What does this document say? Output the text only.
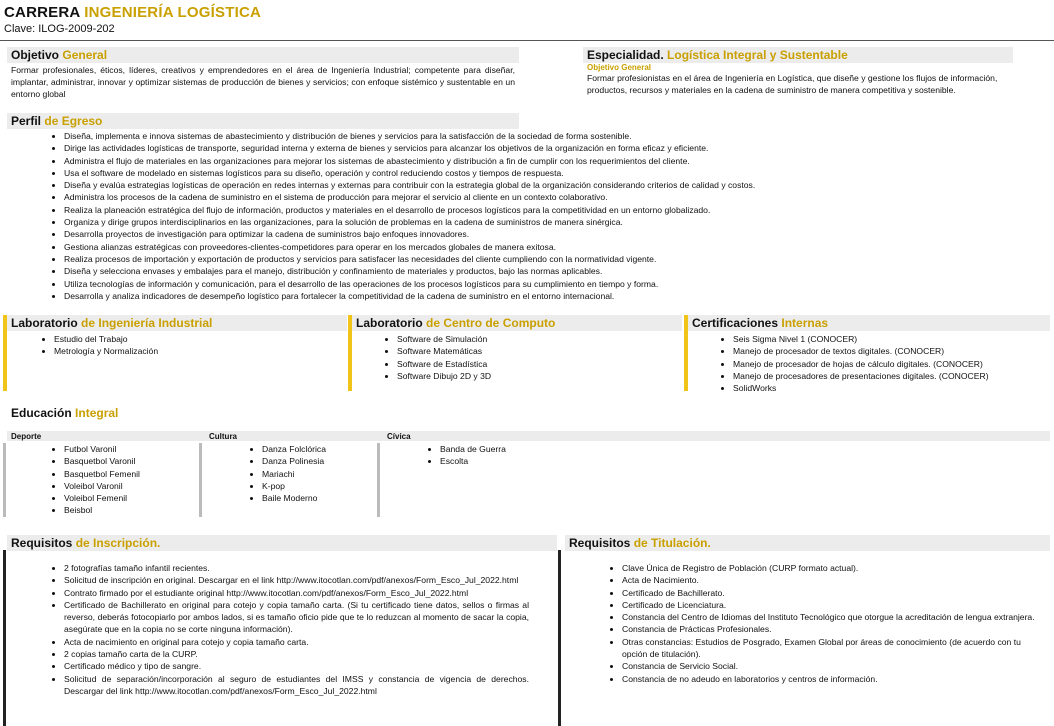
CARRERA INGENIERÍA LOGÍSTICA
Clave: ILOG-2009-202
Objetivo General
Formar profesionales, éticos, líderes, creativos y emprendedores en el área de Ingeniería Industrial; competente para diseñar, implantar, administrar, innovar y optimizar sistemas de producción de bienes y servicios; con enfoque sistémico y sustentable en un entorno global
Especialidad. Logística Integral y Sustentable
Objetivo General
Formar profesionistas en el área de Ingeniería en Logística, que diseñe y gestione los flujos de información, productos, recursos y materiales en la cadena de suministro de manera competitiva y sostenible.
Perfil de Egreso
• Diseña, implementa e innova sistemas de abastecimiento y distribución de bienes y servicios para la satisfacción de la sociedad de forma sostenible.
• Dirige las actividades logísticas de transporte, seguridad interna y externa de bienes y servicios para alcanzar los objetivos de la organización en forma eficaz y eficiente.
• Administra el flujo de materiales en las organizaciones para mejorar los sistemas de abastecimiento y distribución a fin de cumplir con los requerimientos del cliente.
• Usa el software de modelado en sistemas logísticos para su diseño, operación y control reduciendo costos y tiempos de respuesta.
• Diseña y evalúa estrategias logísticas de operación en redes internas y externas para contribuir con la estrategia global de la organización considerando criterios de calidad y costos.
• Administra los procesos de la cadena de suministro en el sistema de producción para mejorar el servicio al cliente en un contexto colaborativo.
• Realiza la planeación estratégica del flujo de información, productos y materiales en el desarrollo de procesos logísticos para la competitividad en un entorno globalizado.
• Organiza y dirige grupos interdisciplinarios en las organizaciones, para la solución de problemas en la cadena de suministros de manera sinérgica.
• Desarrolla proyectos de investigación para optimizar la cadena de suministros bajo enfoques innovadores.
• Gestiona alianzas estratégicas con proveedores-clientes-competidores para operar en los mercados globales de manera exitosa.
• Realiza procesos de importación y exportación de productos y servicios para satisfacer las necesidades del cliente cumpliendo con la normatividad vigente.
• Diseña y selecciona envases y embalajes para el manejo, distribución y confinamiento de materiales y productos, bajo las normas aplicables.
• Utiliza tecnologías de información y comunicación, para el desarrollo de las operaciones de los procesos logísticos para su cumplimiento en tiempo y forma.
• Desarrolla y analiza indicadores de desempeño logístico para fortalecer la competitividad de la cadena de suministro en el entorno internacional.
Laboratorio de Ingeniería Industrial
• Estudio del Trabajo
• Metrología y Normalización
Laboratorio de Centro de Computo
• Software de Simulación
• Software Matemáticas
• Software de Estadística
• Software Dibujo 2D y 3D
Certificaciones Internas
• Seis Sigma Nivel 1 (CONOCER)
• Manejo de procesador de textos digitales. (CONOCER)
• Manejo de procesador de hojas de cálculo digitales. (CONOCER)
• Manejo de procesadores de presentaciones digitales. (CONOCER)
• SolidWorks
Educación Integral
Deporte	Cultura	Cívica
• Futbol Varonil
• Basquetbol Varonil
• Basquetbol Femenil
• Voleibol Varonil
• Voleibol Femenil
• Beisbol
• Danza Folclórica
• Danza Polinesia
• Mariachi
• K-pop
• Baile Moderno
• Banda de Guerra
• Escolta
Requisitos de Inscripción.
• 2 fotografías tamaño infantil recientes.
• Solicitud de inscripción en original. Descargar en el link http://www.itocotlan.com/pdf/anexos/Form_Esco_Jul_2022.html
• Contrato firmado por el estudiante original http://www.itocotlan.com/pdf/anexos/Form_Esco_Jul_2022.html
• Certificado de Bachillerato en original para cotejo y copia tamaño carta. (Si tu certificado tiene datos, sellos o firmas al reverso, deberás fotocopiarlo por ambos lados, si es tamaño oficio pide que te lo reduzcan al momento de sacar la copia, asegúrate que en la copia no se corte ninguna información).
• Acta de nacimiento en original para cotejo y copia tamaño carta.
• 2 copias tamaño carta de la CURP.
• Certificado médico y tipo de sangre.
• Solicitud de separación/incorporación al seguro de estudiantes del IMSS y constancia de vigencia de derechos. Descargar del link http://www.itocotlan.com/pdf/anexos/Form_Esco_Jul_2022.html
Requisitos de Titulación.
• Clave Única de Registro de Población (CURP formato actual).
• Acta de Nacimiento.
• Certificado de Bachillerato.
• Certificado de Licenciatura.
• Constancia del Centro de Idiomas del Instituto Tecnológico que otorgue la acreditación de lengua extranjera.
• Constancia de Prácticas Profesionales.
• Otras constancias: Estudios de Posgrado, Examen Global por áreas de conocimiento (de acuerdo con tu opción de titulación).
• Constancia de Servicio Social.
• Constancia de no adeudo en laboratorios y centros de información.
